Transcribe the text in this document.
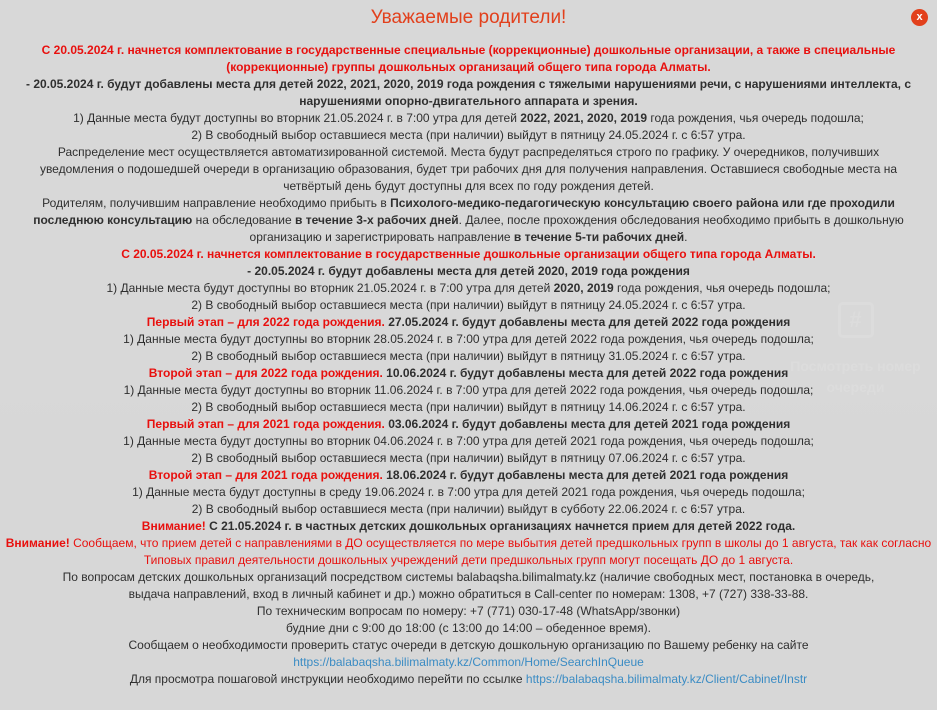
Уважаемые родители!	x

С 20.05.2024 г. начнется комплектование в государственные специальные (коррекционные) дошкольные организации, а также в специальные

(коррекционные) группы дошкольных организаций общего типа города Алматы.

- 20.05.2024 г. будут добавлены места для детей 2022, 2021, 2020, 2019 года рождения с тяжелыми нарушениями речи, с нарушениями интеллекта, с

нарушениями опорно-двигательного аппарата и зрения.

1) Данные места будут доступны во вторник 21.05.2024 г. в 7:00 утра для детей 2022, 2021, 2020, 2019 года рождения, чья очередь подошла;

2) В свободный выбор оставшиеся места (при наличии) выйдут в пятницу 24.05.2024 г. с 6:57 утра.

Распределение мест осуществляется автоматизированной системой. Места будут распределяться строго по графику. У очередников, получивших

уведомления о подошедшей очереди в организацию образования, будет три рабочих дня для получения направления. Оставшиеся свободные места на

четвёртый день будут доступны для всех по году рождения детей.

Родителям, получившим направление необходимо прибыть в Психолого-медико-педагогическую консультацию своего района или где проходили

последнюю консультацию на обследование в течение 3-х рабочих дней. Далее, после прохождения обследования необходимо прибыть в дошкольную

организацию и зарегистрировать направление в течение 5-ти рабочих дней.

С 20.05.2024 г. начнется комплектование в государственные дошкольные организации общего типа города Алматы.

- 20.05.2024 г. будут добавлены места для детей 2020, 2019 года рождения

1) Данные места будут доступны во вторник 21.05.2024 г. в 7:00 утра для детей 2020, 2019 года рождения, чья очередь подошла;

2) В свободный выбор оставшиеся места (при наличии) выйдут в пятницу 24.05.2024 г. с 6:57 утра.

Первый этап – для 2022 года рождения. 27.05.2024 г. будут добавлены места для детей 2022 года рождения

1) Данные места будут доступны во вторник 28.05.2024 г. в 7:00 утра для детей 2022 года рождения, чья очередь подошла;

2) В свободный выбор оставшиеся места (при наличии) выйдут в пятницу 31.05.2024 г. с 6:57 утра.

Второй этап – для 2022 года рождения. 10.06.2024 г. будут добавлены места для детей 2022 года рождения

1) Данные места будут доступны во вторник 11.06.2024 г. в 7:00 утра для детей 2022 года рождения, чья очередь подошла;

2) В свободный выбор оставшиеся места (при наличии) выйдут в пятницу 14.06.2024 г. с 6:57 утра.

Первый этап – для 2021 года рождения. 03.06.2024 г. будут добавлены места для детей 2021 года рождения

1) Данные места будут доступны во вторник 04.06.2024 г. в 7:00 утра для детей 2021 года рождения, чья очередь подошла;

2) В свободный выбор оставшиеся места (при наличии) выйдут в пятницу 07.06.2024 г. с 6:57 утра.

Второй этап – для 2021 года рождения. 18.06.2024 г. будут добавлены места для детей 2021 года рождения

1) Данные места будут доступны в среду 19.06.2024 г. в 7:00 утра для детей 2021 года рождения, чья очередь подошла;

2) В свободный выбор оставшиеся места (при наличии) выйдут в субботу 22.06.2024 г. с 6:57 утра.

Внимание! С 21.05.2024 г. в частных детских дошкольных организациях начнется прием для детей 2022 года.

Внимание! Сообщаем, что прием детей с направлениями в ДО осуществляется по мере выбытия детей предшкольных групп в школы до 1 августа, так как согласно

Типовых правил деятельности дошкольных учреждений дети предшкольных групп могут посещать ДО до 1 августа.

По вопросам детских дошкольных организаций посредством системы balabaqsha.bilimalmaty.kz (наличие свободных мест, постановка в очередь,

выдача направлений, вход в личный кабинет и др.) можно обратиться в Call-center по номерам: 1308, +7 (727) 338-33-88.

По техническим вопросам по номеру: +7 (771) 030-17-48 (WhatsApp/звонки)

будние дни с 9:00 до 18:00 (с 13:00 до 14:00 – обеденное время).

Сообщаем о необходимости проверить статус очереди в детскую дошкольную организацию по Вашему ребенку на сайте

https://balabaqsha.bilimalmaty.kz/Common/Home/SearchInQueue

Для просмотра пошаговой инструкции необходимо перейти по ссылке https://balabaqsha.bilimalmaty.kz/Client/Cabinet/Instr
